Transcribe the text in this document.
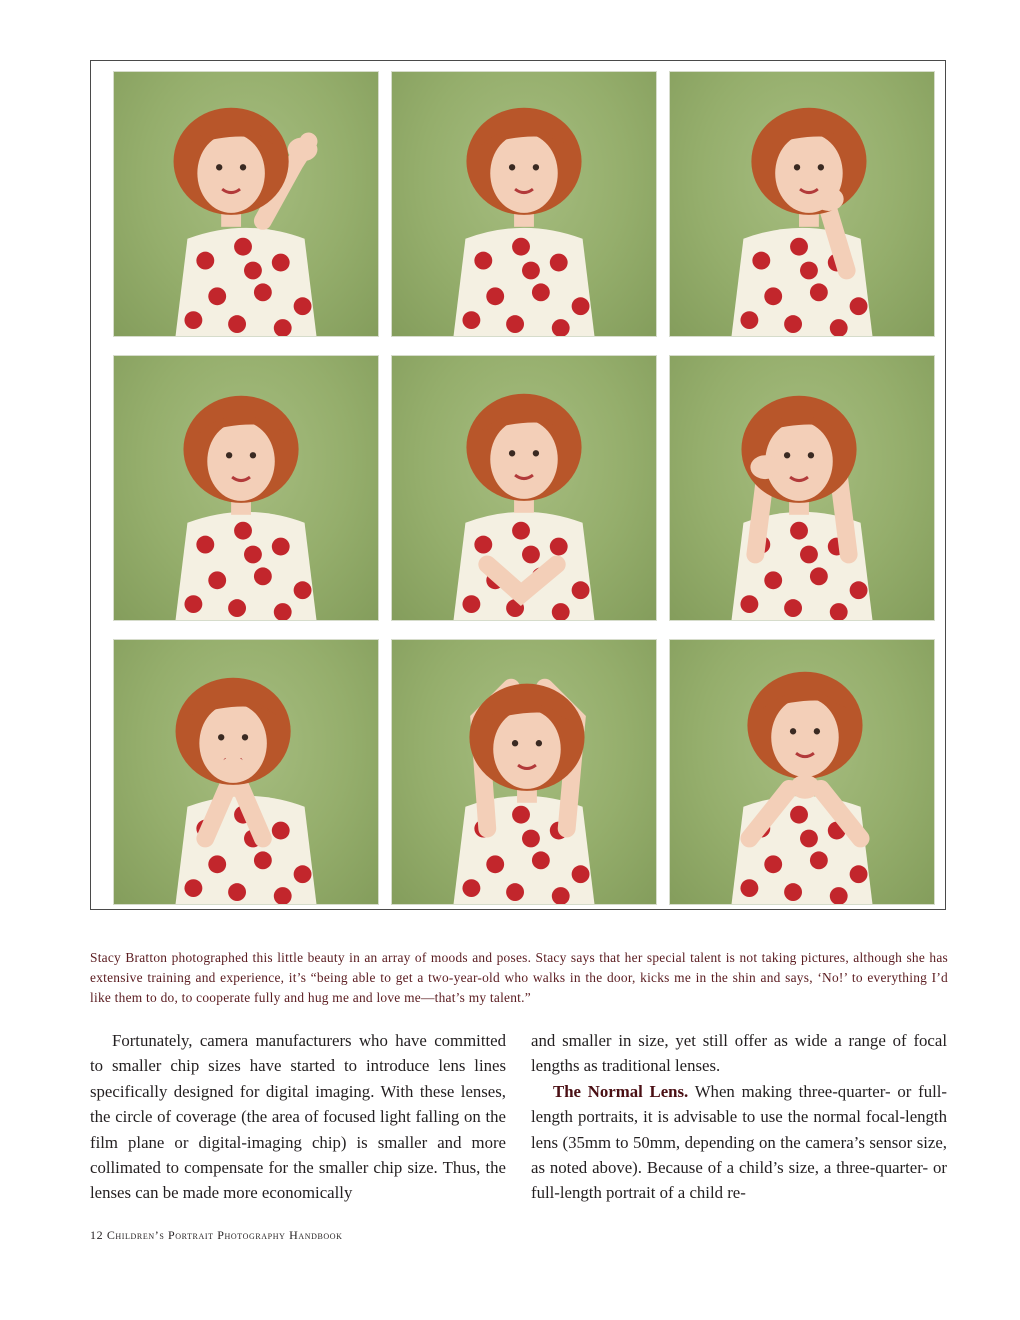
Stacy Bratton photographed this little beauty in an array of moods and poses. Stacy says that her special talent is not taking pictures, although she has extensive training and experience, it’s “being able to get a two-year-old who walks in the door, kicks me in the shin and says, ‘No!’ to everything I’d like them to do, to cooperate fully and hug me and love me—that’s my talent.”

Fortunately, camera manufacturers who have committed to smaller chip sizes have started to introduce lens lines specifically designed for digital imaging. With these lenses, the circle of coverage (the area of focused light falling on the film plane or digital-imaging chip) is smaller and more collimated to compensate for the smaller chip size. Thus, the lenses can be made more economically

and smaller in size, yet still offer as wide a range of focal lengths as traditional lenses.

The Normal Lens. When making three-quarter- or full-length portraits, it is advisable to use the normal focal-length lens (35mm to 50mm, depending on the camera’s sensor size, as noted above). Because of a child’s size, a three-quarter- or full-length portrait of a child re-

12 Children’s Portrait Photography Handbook
